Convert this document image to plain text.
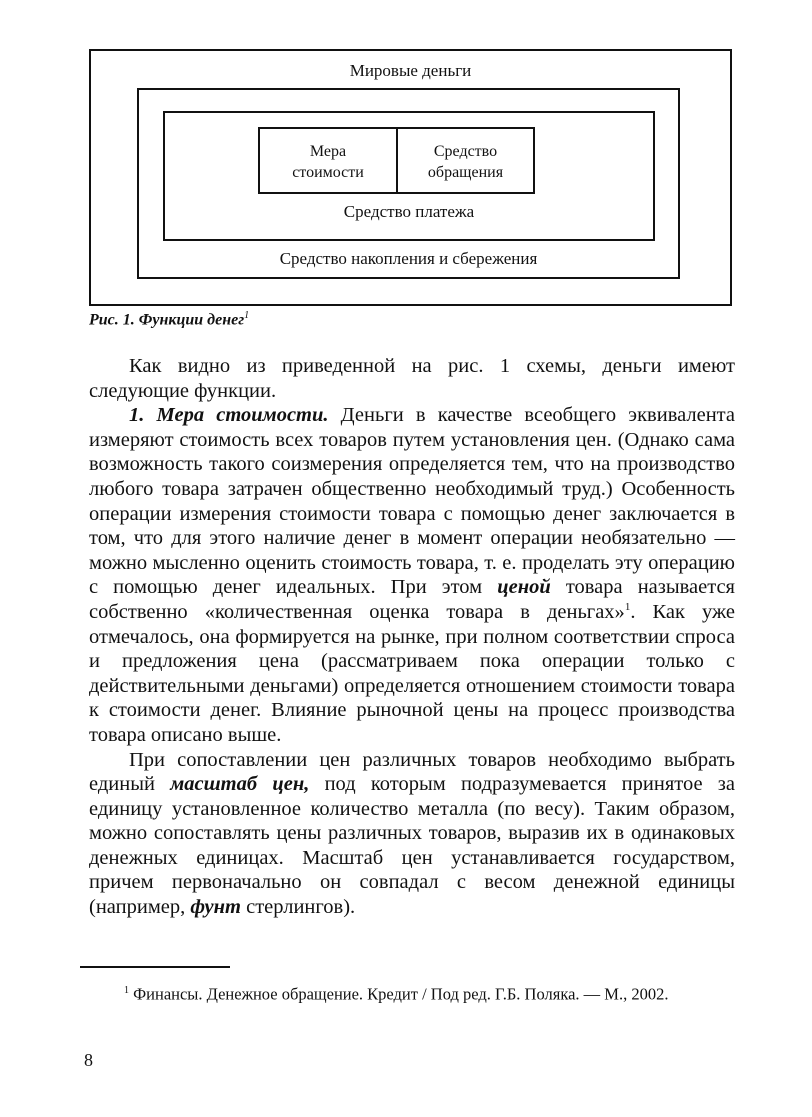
Мировые деньги
Средство накопления и сбережения
Средство платежа
Мера
стоимости
Средство
обращения
Рис. 1. Функции денег$^1$

Как видно из приведенной на рис. 1 схемы, деньги имеют следующие функции.

1. Мера стоимости. Деньги в качестве всеобщего эквивалента измеряют стоимость всех товаров путем установления цен. (Однако сама возможность такого соизмерения определяется тем, что на производство любого товара затрачен общественно необходимый труд.) Особенность операции измерения стоимости товара с помощью денег заключается в том, что для этого наличие денег в момент операции необязательно — можно мысленно оценить стоимость товара, т. е. проделать эту операцию с помощью денег идеальных. При этом ценой товара называется собственно «количественная оценка товара в деньгах»$^1$. Как уже отмечалось, она формируется на рынке, при полном соответствии спроса и предложения цена (рассматриваем пока операции только с действительными деньгами) определяется отношением стоимости товара к стоимости денег. Влияние рыночной цены на процесс производства товара описано выше.

При сопоставлении цен различных товаров необходимо выбрать единый масштаб цен, под которым подразумевается принятое за единицу установленное количество металла (по весу). Таким образом, можно сопоставлять цены различных товаров, выразив их в одинаковых денежных единицах. Масштаб цен устанавливается государством, причем первоначально он совпадал с весом денежной единицы (например, фунт стерлингов).

$^1$ Финансы. Денежное обращение. Кредит / Под ред. Г.Б. Поляка. — М., 2002.
8
